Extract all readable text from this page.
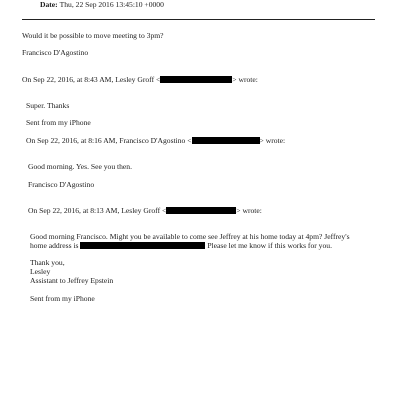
Date: Thu, 22 Sep 2016 13:45:10 +0000
Would it be possible to move meeting to 3pm?
Francisco D'Agostino
On Sep 22, 2016, at 8:43 AM, Lesley Groff <	> wrote:
Super. Thanks
Sent from my iPhone
On Sep 22, 2016, at 8:16 AM, Francisco D'Agostino <	> wrote:
Good morning. Yes. See you then.
Francisco D'Agostino
On Sep 22, 2016, at 8:13 AM, Lesley Groff <	> wrote:
Good morning Francisco. Might you be available to come see Jeffrey at his home today at 4pm? Jeffrey's
home address is	Please let me know if this works for you.
Thank you,
Lesley
Assistant to Jeffrey Epstein
Sent from my iPhone
